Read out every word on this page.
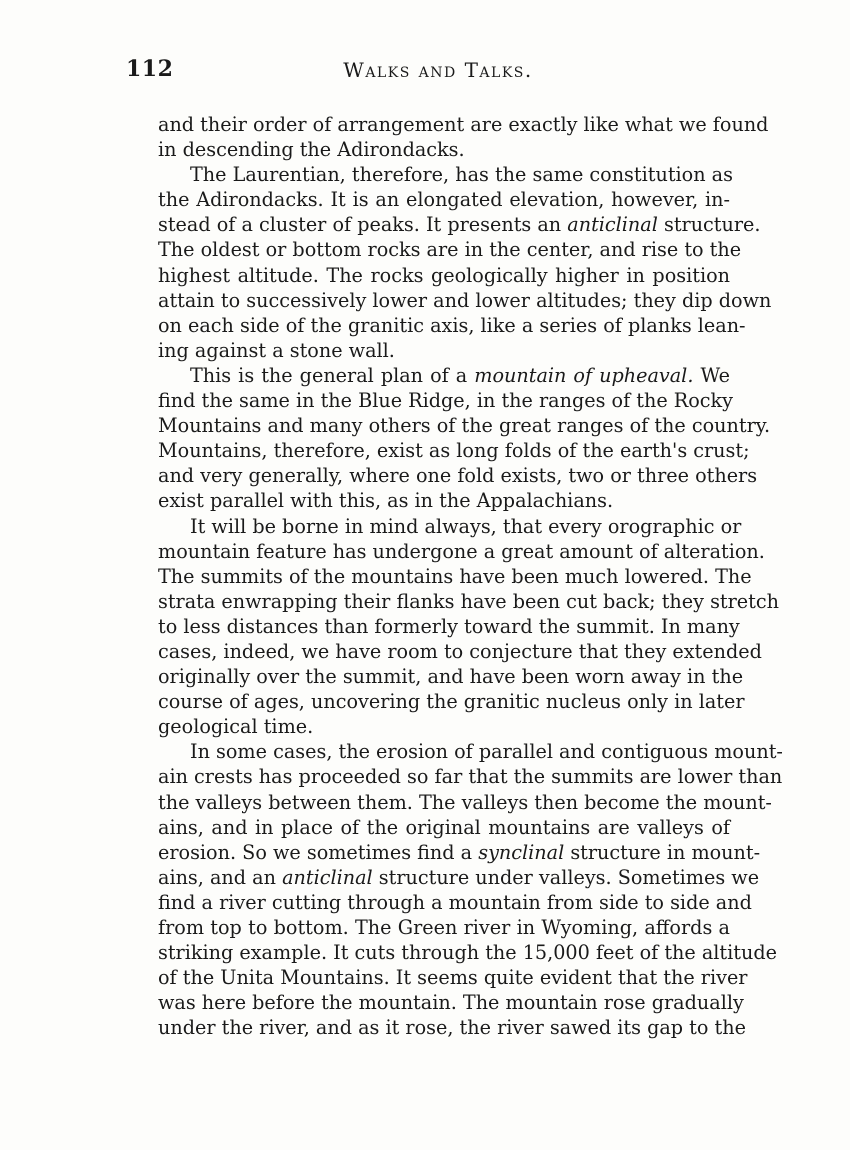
112	Walks and Talks.
and their order of arrangement are exactly like what we found
in descending the Adirondacks.
The Laurentian, therefore, has the same constitution as
the Adirondacks. It is an elongated elevation, however, in-
stead of a cluster of peaks. It presents an anticlinal structure.
The oldest or bottom rocks are in the center, and rise to the
highest altitude. The rocks geologically higher in position
attain to successively lower and lower altitudes; they dip down
on each side of the granitic axis, like a series of planks lean-
ing against a stone wall.
This is the general plan of a mountain of upheaval. We
find the same in the Blue Ridge, in the ranges of the Rocky
Mountains and many others of the great ranges of the country.
Mountains, therefore, exist as long folds of the earth's crust;
and very generally, where one fold exists, two or three others
exist parallel with this, as in the Appalachians.
It will be borne in mind always, that every orographic or
mountain feature has undergone a great amount of alteration.
The summits of the mountains have been much lowered. The
strata enwrapping their flanks have been cut back; they stretch
to less distances than formerly toward the summit. In many
cases, indeed, we have room to conjecture that they extended
originally over the summit, and have been worn away in the
course of ages, uncovering the granitic nucleus only in later
geological time.
In some cases, the erosion of parallel and contiguous mount-
ain crests has proceeded so far that the summits are lower than
the valleys between them. The valleys then become the mount-
ains, and in place of the original mountains are valleys of
erosion. So we sometimes find a synclinal structure in mount-
ains, and an anticlinal structure under valleys. Sometimes we
find a river cutting through a mountain from side to side and
from top to bottom. The Green river in Wyoming, affords a
striking example. It cuts through the 15,000 feet of the altitude
of the Unita Mountains. It seems quite evident that the river
was here before the mountain. The mountain rose gradually
under the river, and as it rose, the river sawed its gap to the
